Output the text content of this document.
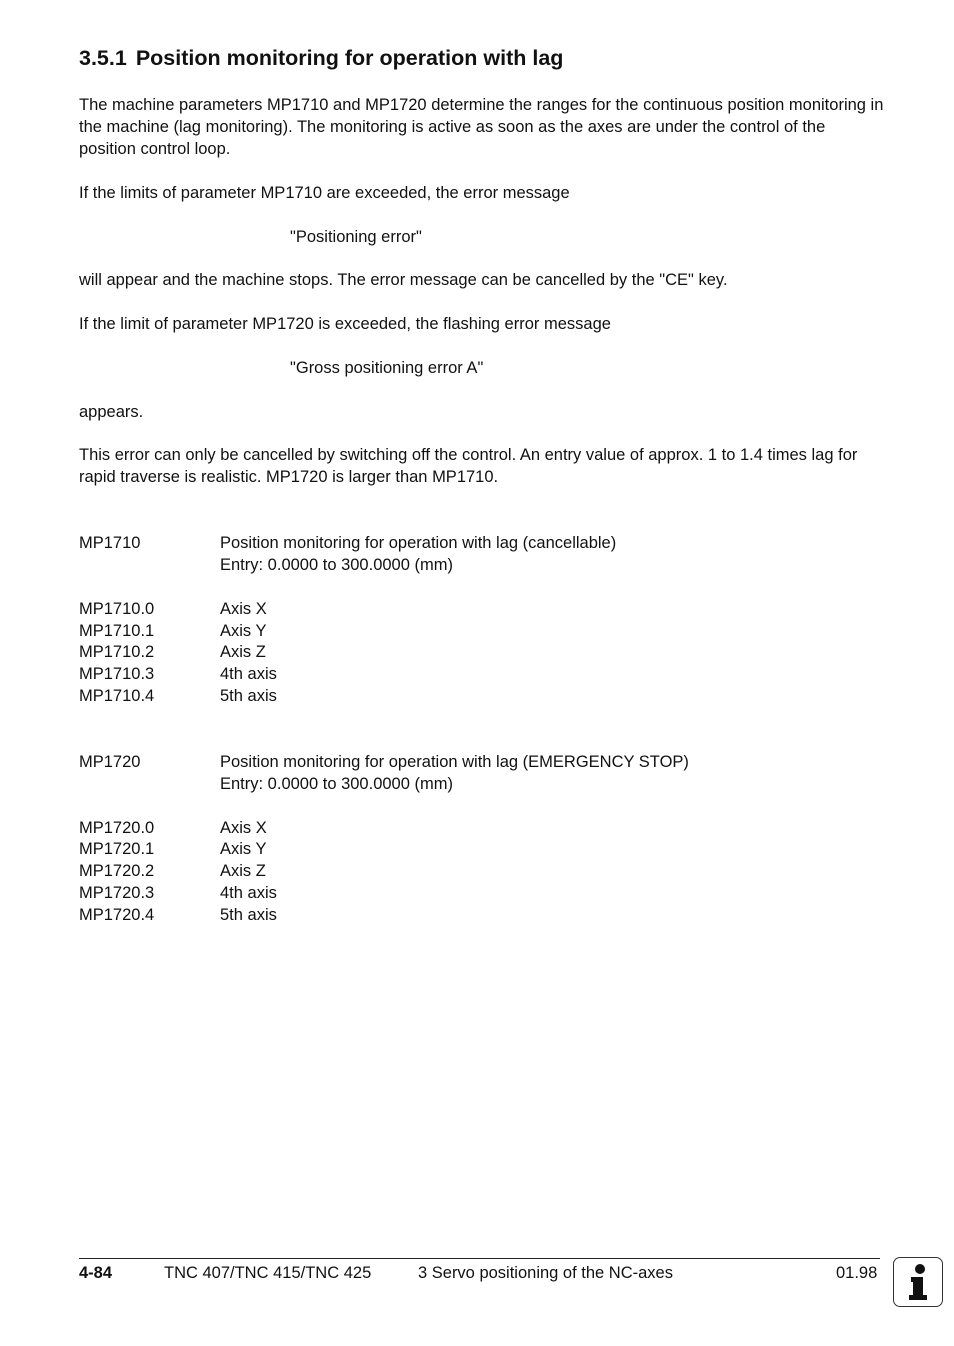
3.5.1 Position monitoring for operation with lag

The machine parameters MP1710 and MP1720 determine the ranges for the continuous position monitoring in the machine (lag monitoring). The monitoring is active as soon as the axes are under the control of the position control loop.

If the limits of parameter MP1710 are exceeded, the error message

"Positioning error"

will appear and the machine stops. The error message can be cancelled by the "CE" key.

If the limit of parameter MP1720 is exceeded, the flashing error message

"Gross positioning error A"

appears.

This error can only be cancelled by switching off the control. An entry value of approx. 1 to 1.4 times lag for rapid traverse is realistic. MP1720 is larger than MP1710.

MP1710	Position monitoring for operation with lag (cancellable)
Entry: 0.0000 to 300.0000 (mm)
MP1710.0	Axis X
MP1710.1	Axis Y
MP1710.2	Axis Z
MP1710.3	4th axis
MP1710.4	5th axis
MP1720	Position monitoring for operation with lag (EMERGENCY STOP)
Entry: 0.0000 to 300.0000 (mm)
MP1720.0	Axis X
MP1720.1	Axis Y
MP1720.2	Axis Z
MP1720.3	4th axis
MP1720.4	5th axis
4-84	TNC 407/TNC 415/TNC 425	3 Servo positioning of the NC-axes	01.98
